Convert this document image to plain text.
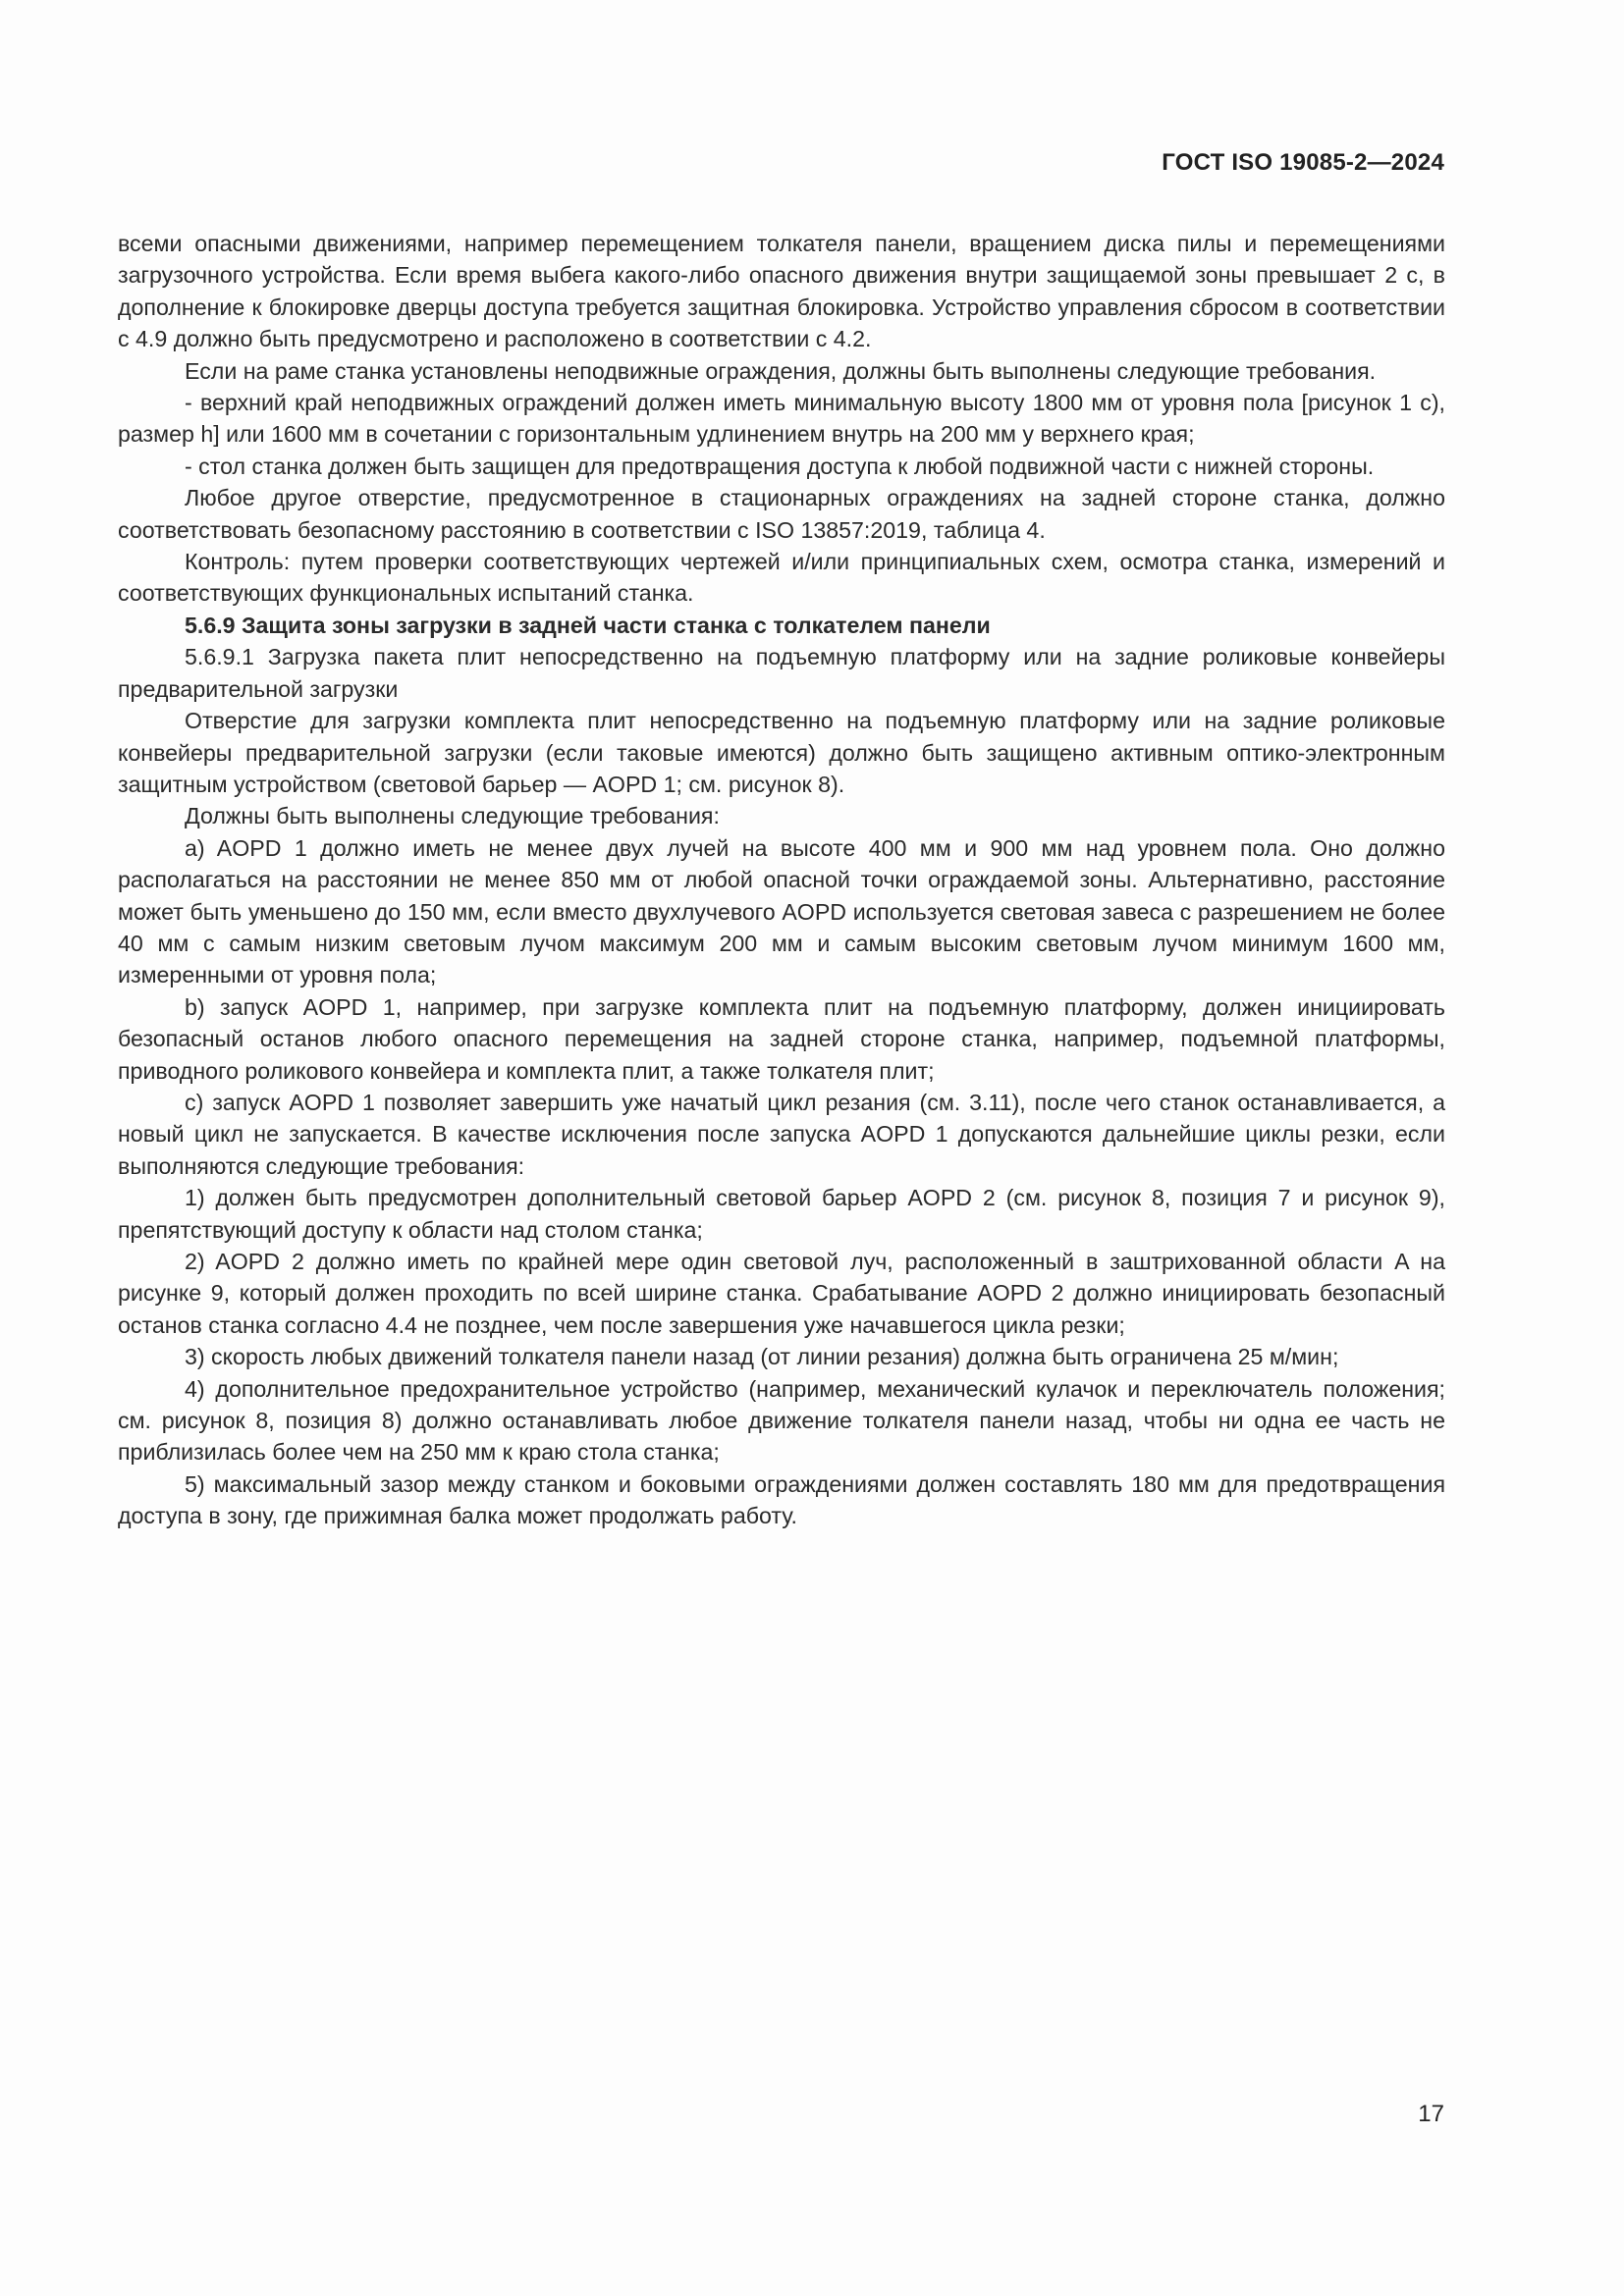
ГОСТ ISO 19085-2—2024

всеми опасными движениями, например перемещением толкателя панели, вращением диска пилы и перемещениями загрузочного устройства. Если время выбега какого-либо опасного движения внутри защищаемой зоны превышает 2 с, в дополнение к блокировке дверцы доступа требуется защитная блокировка. Устройство управления сбросом в соответствии с 4.9 должно быть предусмотрено и расположено в соответствии с 4.2.

Если на раме станка установлены неподвижные ограждения, должны быть выполнены следующие требования.

- верхний край неподвижных ограждений должен иметь минимальную высоту 1800 мм от уровня пола [рисунок 1 с), размер h] или 1600 мм в сочетании с горизонтальным удлинением внутрь на 200 мм у верхнего края;

- стол станка должен быть защищен для предотвращения доступа к любой подвижной части с нижней стороны.

Любое другое отверстие, предусмотренное в стационарных ограждениях на задней стороне станка, должно соответствовать безопасному расстоянию в соответствии с ISO 13857:2019, таблица 4.

Контроль: путем проверки соответствующих чертежей и/или принципиальных схем, осмотра станка, измерений и соответствующих функциональных испытаний станка.

5.6.9 Защита зоны загрузки в задней части станка с толкателем панели

5.6.9.1 Загрузка пакета плит непосредственно на подъемную платформу или на задние роликовые конвейеры предварительной загрузки

Отверстие для загрузки комплекта плит непосредственно на подъемную платформу или на задние роликовые конвейеры предварительной загрузки (если таковые имеются) должно быть защищено активным оптико-электронным защитным устройством (световой барьер — AOPD 1; см. рисунок 8).

Должны быть выполнены следующие требования:

a) AOPD 1 должно иметь не менее двух лучей на высоте 400 мм и 900 мм над уровнем пола. Оно должно располагаться на расстоянии не менее 850 мм от любой опасной точки ограждаемой зоны. Альтернативно, расстояние может быть уменьшено до 150 мм, если вместо двухлучевого AOPD используется световая завеса с разрешением не более 40 мм с самым низким световым лучом максимум 200 мм и самым высоким световым лучом минимум 1600 мм, измеренными от уровня пола;

b) запуск AOPD 1, например, при загрузке комплекта плит на подъемную платформу, должен инициировать безопасный останов любого опасного перемещения на задней стороне станка, например, подъемной платформы, приводного роликового конвейера и комплекта плит, а также толкателя плит;

c) запуск AOPD 1 позволяет завершить уже начатый цикл резания (см. 3.11), после чего станок останавливается, а новый цикл не запускается. В качестве исключения после запуска AOPD 1 допускаются дальнейшие циклы резки, если выполняются следующие требования:

1) должен быть предусмотрен дополнительный световой барьер AOPD 2 (см. рисунок 8, позиция 7 и рисунок 9), препятствующий доступу к области над столом станка;

2) AOPD 2 должно иметь по крайней мере один световой луч, расположенный в заштрихованной области A на рисунке 9, который должен проходить по всей ширине станка. Срабатывание AOPD 2 должно инициировать безопасный останов станка согласно 4.4 не позднее, чем после завершения уже начавшегося цикла резки;

3) скорость любых движений толкателя панели назад (от линии резания) должна быть ограничена 25 м/мин;

4) дополнительное предохранительное устройство (например, механический кулачок и переключатель положения; см. рисунок 8, позиция 8) должно останавливать любое движение толкателя панели назад, чтобы ни одна ее часть не приблизилась более чем на 250 мм к краю стола станка;

5) максимальный зазор между станком и боковыми ограждениями должен составлять 180 мм для предотвращения доступа в зону, где прижимная балка может продолжать работу.

17
